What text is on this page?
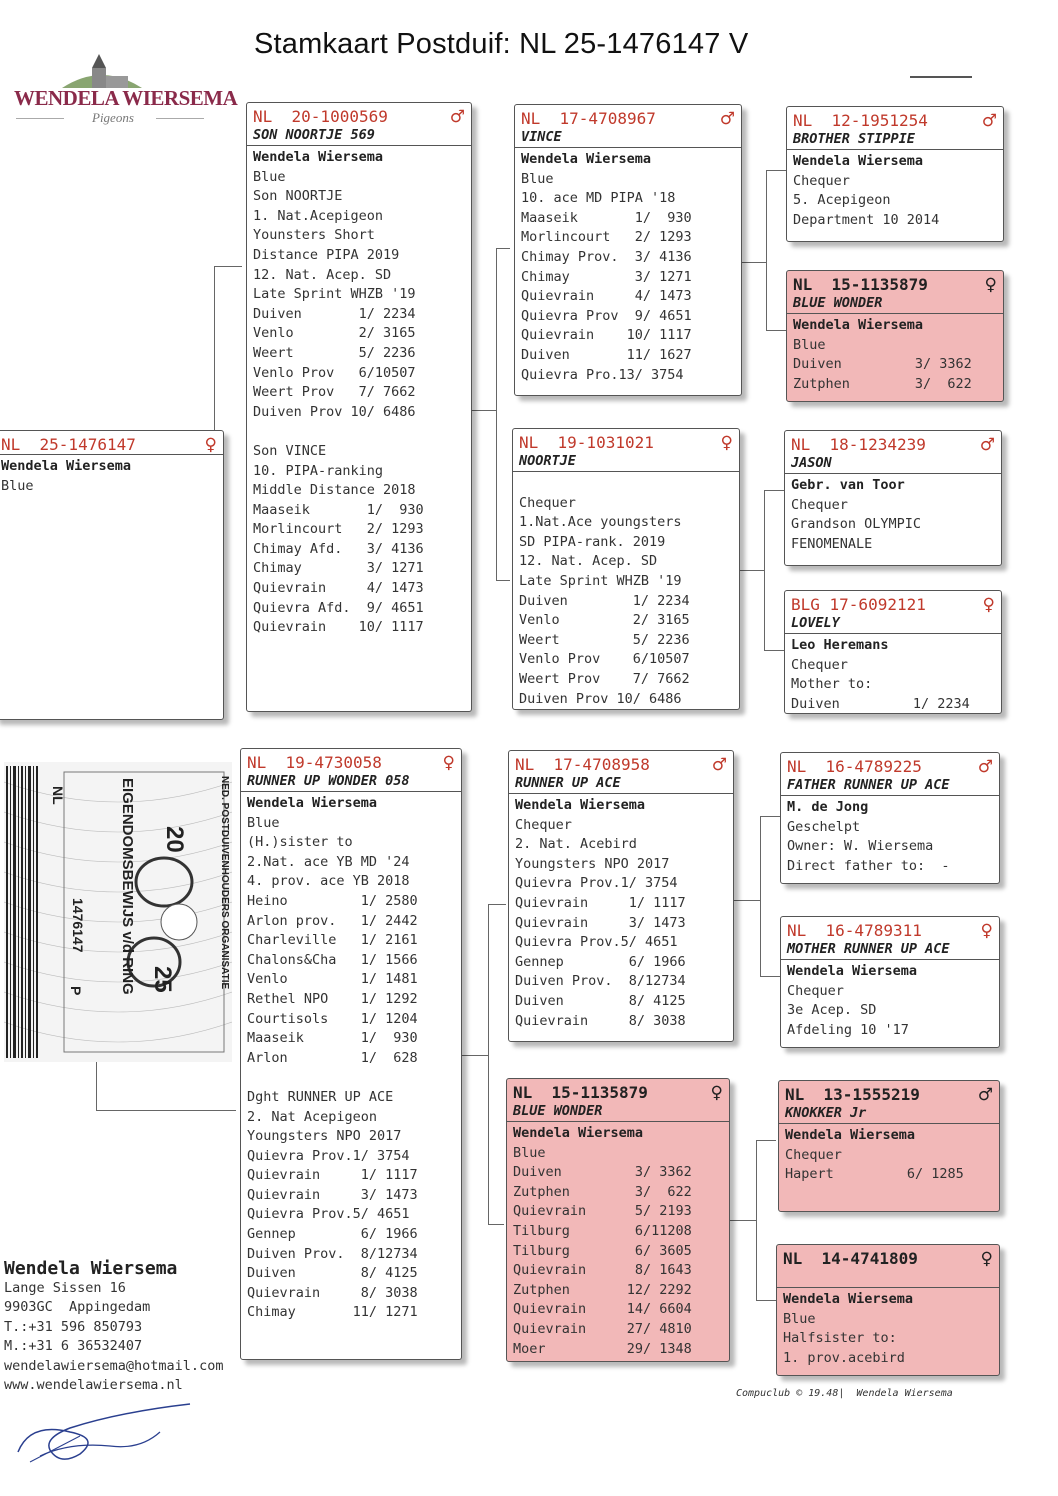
Stamkaart Postduif: NL 25-1476147 V
WENDELA WIERSEMA
Pigeons
NL  25-1476147	♀
Wendela Wiersema
Blue
NL  20-1000569	♂
SON NOORTJE 569
Wendela Wiersema
Blue
Son NOORTJE
1. Nat.Acepigeon
Younsters Short
Distance PIPA 2019
12. Nat. Acep. SD
Late Sprint WHZB '19
Duiven       1/ 2234
Venlo        2/ 3165
Weert        5/ 2236
Venlo Prov   6/10507
Weert Prov   7/ 7662
Duiven Prov 10/ 6486
Son VINCE
10. PIPA-ranking
Middle Distance 2018
Maaseik       1/  930
Morlincourt   2/ 1293
Chimay Afd.   3/ 4136
Chimay        3/ 1271
Quievrain     4/ 1473
Quievra Afd.  9/ 4651
Quievrain    10/ 1117
NL  17-4708967	♂
VINCE
Wendela Wiersema
Blue
10. ace MD PIPA '18
Maaseik       1/  930
Morlincourt   2/ 1293
Chimay Prov.  3/ 4136
Chimay        3/ 1271
Quievrain     4/ 1473
Quievra Prov  9/ 4651
Quievrain    10/ 1117
Duiven       11/ 1627
Quievra Pro.13/ 3754
NL  19-1031021	♀
NOORTJE
Chequer
1.Nat.Ace youngsters
SD PIPA-rank. 2019
12. Nat. Acep. SD
Late Sprint WHZB '19
Duiven        1/ 2234
Venlo         2/ 3165
Weert         5/ 2236
Venlo Prov    6/10507
Weert Prov    7/ 7662
Duiven Prov 10/ 6486
NL  12-1951254	♂
BROTHER STIPPIE
Wendela Wiersema
Chequer
5. Acepigeon
Department 10 2014
NL  15-1135879	♀
BLUE WONDER
Wendela Wiersema
Blue
Duiven         3/ 3362
Zutphen        3/  622
NL  18-1234239	♂
JASON
Gebr. van Toor
Chequer
Grandson OLYMPIC
FENOMENALE
BLG 17-6092121	♀
LOVELY
Leo Heremans
Chequer
Mother to:
Duiven         1/ 2234
NL  19-4730058	♀
RUNNER UP WONDER 058
Wendela Wiersema
Blue
(H.)sister to
2.Nat. ace YB MD '24
4. prov. ace YB 2018
Heino         1/ 2580
Arlon prov.   1/ 2442
Charleville   1/ 2161
Chalons&Cha   1/ 1566
Venlo         1/ 1481
Rethel NPO    1/ 1292
Courtisols    1/ 1204
Maaseik       1/  930
Arlon         1/  628
Dght RUNNER UP ACE
2. Nat Acepigeon
Youngsters NPO 2017
Quievra Prov.1/ 3754
Quievrain     1/ 1117
Quievrain     3/ 1473
Quievra Prov.5/ 4651
Gennep        6/ 1966
Duiven Prov.  8/12734
Duiven        8/ 4125
Quievrain     8/ 3038
Chimay       11/ 1271
NL  17-4708958	♂
RUNNER UP ACE
Wendela Wiersema
Chequer
2. Nat. Acebird
Youngsters NPO 2017
Quievra Prov.1/ 3754
Quievrain     1/ 1117
Quievrain     3/ 1473
Quievra Prov.5/ 4651
Gennep        6/ 1966
Duiven Prov.  8/12734
Duiven        8/ 4125
Quievrain     8/ 3038
NL  15-1135879	♀
BLUE WONDER
Wendela Wiersema
Blue
Duiven         3/ 3362
Zutphen        3/  622
Quievrain      5/ 2193
Tilburg        6/11208
Tilburg        6/ 3605
Quievrain      8/ 1643
Zutphen       12/ 2292
Quievrain     14/ 6604
Quievrain     27/ 4810
Moer          29/ 1348
NL  16-4789225	♂
FATHER RUNNER UP ACE
M. de Jong
Geschelpt
Owner: W. Wiersema
Direct father to:  -
NL  16-4789311	♀
MOTHER RUNNER UP ACE
Wendela Wiersema
Chequer
3e Acep. SD
Afdeling 10 '17
NL  13-1555219	♂
KNOKKER Jr
Wendela Wiersema
Chequer
Hapert         6/ 1285
NL  14-4741809	♀
Wendela Wiersema
Blue
Halfsister to:
1. prov.acebird
NL
1476147	NED. POSTDUIVENHOUDERS ORGANISATIE
EIGENDOMSBEWIJS v/d RING 20
25
P
Wendela Wiersema
Lange Sissen 16
9903GC  Appingedam
T.:+31 596 850793
M.:+31 6 36532407
wendelawiersema@hotmail.com
www.wendelawiersema.nl
Compuclub © 19.48|  Wendela Wiersema
